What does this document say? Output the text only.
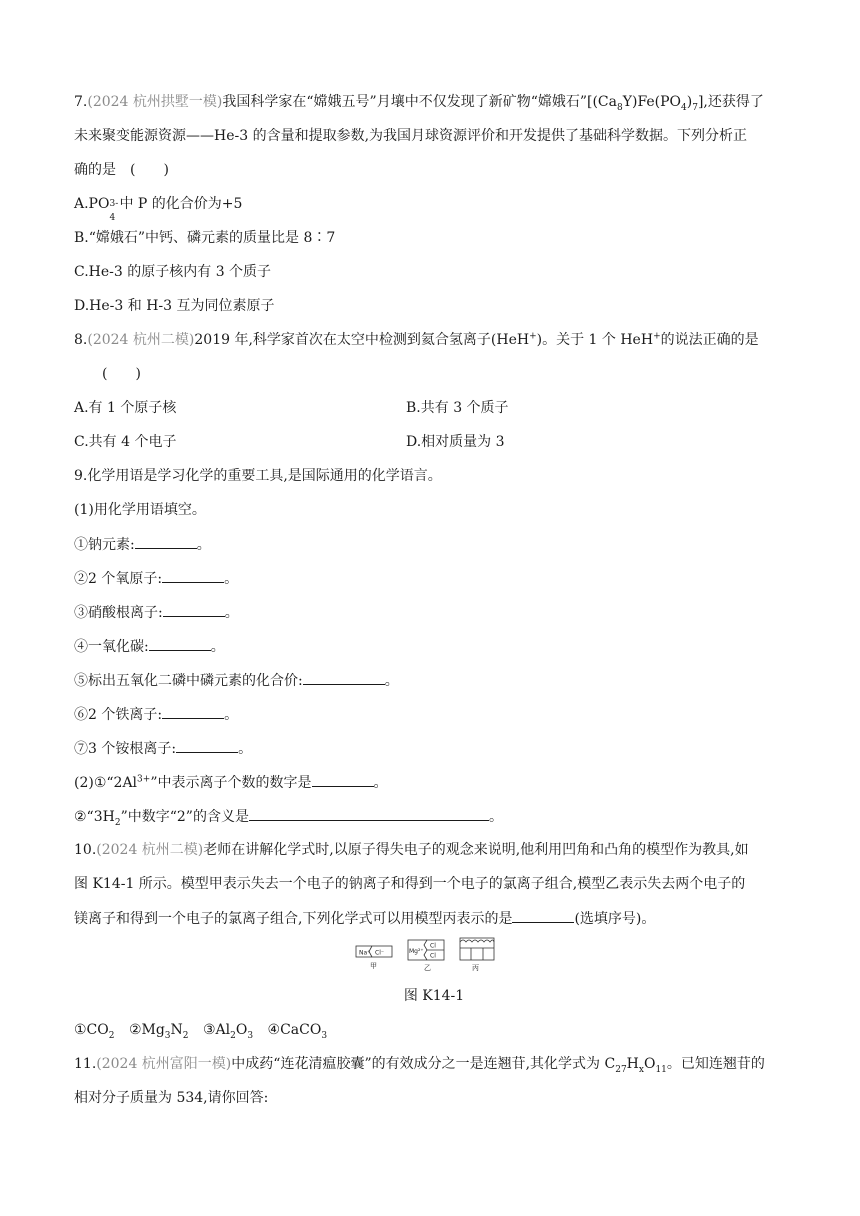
7.(2024 杭州拱墅一模)我国科学家在“嫦娥五号”月壤中不仅发现了新矿物“嫦娥石$”[(Ca_8Y)Fe(PO_4)_7]$,还获得了
未来聚变能源资源——He-3 的含量和提取参数,为我国月球资源评价和开发提供了基础科学数据。下列分析正
确的是　(　　)
A.PO 3-
4
中 P 的化合价为+5
B.“嫦娥石”中钙、磷元素的质量比是 8∶7
C.He-3 的原子核内有 3 个质子
D.He-3 和 H-3 互为同位素原子
8.(2024 杭州二模)2019 年,科学家首次在太空中检测到氦合氢离子(HeH+)。关于 1 个 HeH+的说法正确的是
(　　)
A.有 1 个原子核	B.共有 3 个质子
C.共有 4 个电子	D.相对质量为 3
9.化学用语是学习化学的重要工具,是国际通用的化学语言。
(1)用化学用语填空。
①钠元素:	。
②2 个氧原子:	。
③硝酸根离子:	。
④一氧化碳:	。
⑤标出五氧化二磷中磷元素的化合价:	。
⑥2 个铁离子:	。
⑦3 个铵根离子:	。
$(2)①“2Al^{3+}$”中表示离子个数的数字是	。
$②“3H_2$”中数字“2”的含义是	。
10.(2024 杭州二模)老师在讲解化学式时,以原子得失电子的观念来说明,他利用凹角和凸角的模型作为教具,如
图 K14-1 所示。模型甲表示失去一个电子的钠离子和得到一个电子的氯离子组合,模型乙表示失去两个电子的
镁离子和得到一个电子的氯离子组合,下列化学式可以用模型丙表示的是	(选填序号)。
Na⁺ Cl⁻
甲
Mg²⁺
Cl
Cl
乙	丙
图 K14-1
$①CO_2$ $②Mg_3N_2$ $③Al_2O_3$ ④CaCO$_3$
11.(2024 杭州富阳一模)中成药“连花清瘟胶囊”的有效成分之一是连翘苷,其化学式为 $C_{27}H_xO_{11}$。已知连翘苷的
相对分子质量为 534,请你回答:
